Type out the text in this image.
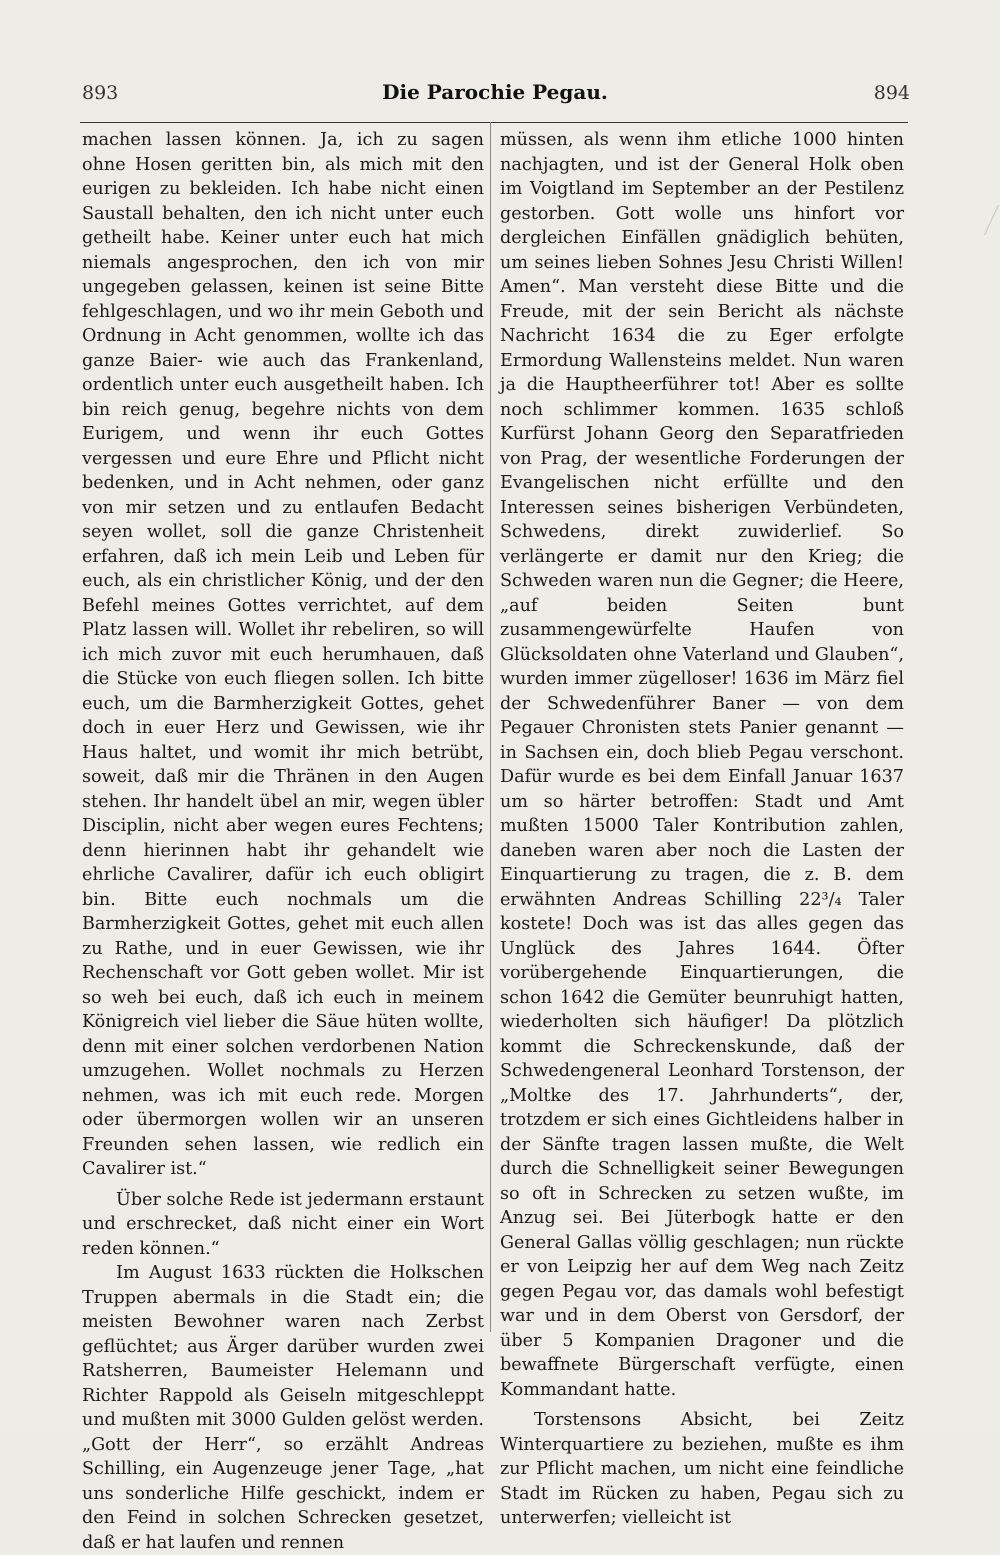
893	Die Parochie Pegau.	894

machen lassen können. Ja, ich zu sagen ohne Hosen geritten bin, als mich mit den eurigen zu bekleiden. Ich habe nicht einen Saustall behalten, den ich nicht unter euch getheilt habe. Keiner unter euch hat mich niemals angesprochen, den ich von mir ungegeben gelassen, keinen ist seine Bitte fehlgeschlagen, und wo ihr mein Geboth und Ordnung in Acht genommen, wollte ich das ganze Baier- wie auch das Frankenland, ordentlich unter euch ausgetheilt haben. Ich bin reich genug, begehre nichts von dem Eurigem, und wenn ihr euch Gottes vergessen und eure Ehre und Pflicht nicht bedenken, und in Acht nehmen, oder ganz von mir setzen und zu entlaufen Bedacht seyen wollet, soll die ganze Christenheit erfahren, daß ich mein Leib und Leben für euch, als ein christlicher König, und der den Befehl meines Gottes verrichtet, auf dem Platz lassen will. Wollet ihr rebeliren, so will ich mich zuvor mit euch herumhauen, daß die Stücke von euch fliegen sollen. Ich bitte euch, um die Barmherzigkeit Gottes, gehet doch in euer Herz und Gewissen, wie ihr Haus haltet, und womit ihr mich betrübt, soweit, daß mir die Thränen in den Augen stehen. Ihr handelt übel an mir, wegen übler Disciplin, nicht aber wegen eures Fechtens; denn hierinnen habt ihr gehandelt wie ehrliche Cavalirer, dafür ich euch obligirt bin. Bitte euch nochmals um die Barmherzigkeit Gottes, gehet mit euch allen zu Rathe, und in euer Gewissen, wie ihr Rechenschaft vor Gott geben wollet. Mir ist so weh bei euch, daß ich euch in meinem Königreich viel lieber die Säue hüten wollte, denn mit einer solchen verdorbenen Nation umzugehen. Wollet nochmals zu Herzen nehmen, was ich mit euch rede. Morgen oder übermorgen wollen wir an unseren Freunden sehen lassen, wie redlich ein Cavalirer ist.“

Über solche Rede ist jedermann erstaunt und erschrecket, daß nicht einer ein Wort reden können.“

Im August 1633 rückten die Holkschen Truppen abermals in die Stadt ein; die meisten Bewohner waren nach Zerbst geflüchtet; aus Ärger darüber wurden zwei Ratsherren, Baumeister Helemann und Richter Rappold als Geiseln mitgeschleppt und mußten mit 3000 Gulden gelöst werden. „Gott der Herr“, so erzählt Andreas Schilling, ein Augenzeuge jener Tage, „hat uns sonderliche Hilfe geschickt, indem er den Feind in solchen Schrecken gesetzet, daß er hat laufen und rennen

müssen, als wenn ihm etliche 1000 hinten nachjagten, und ist der General Holk oben im Voigtland im September an der Pestilenz gestorben. Gott wolle uns hinfort vor dergleichen Einfällen gnädiglich behüten, um seines lieben Sohnes Jesu Christi Willen! Amen“. Man versteht diese Bitte und die Freude, mit der sein Bericht als nächste Nachricht 1634 die zu Eger erfolgte Ermordung Wallensteins meldet. Nun waren ja die Hauptheerführer tot! Aber es sollte noch schlimmer kommen. 1635 schloß Kurfürst Johann Georg den Separatfrieden von Prag, der wesentliche Forderungen der Evangelischen nicht erfüllte und den Interessen seines bisherigen Verbündeten, Schwedens, direkt zuwiderlief. So verlängerte er damit nur den Krieg; die Schweden waren nun die Gegner; die Heere, „auf beiden Seiten bunt zusammengewürfelte Haufen von Glücksoldaten ohne Vaterland und Glauben“, wurden immer zügelloser! 1636 im März fiel der Schwedenführer Baner — von dem Pegauer Chronisten stets Panier genannt — in Sachsen ein, doch blieb Pegau verschont. Dafür wurde es bei dem Einfall Januar 1637 um so härter betroffen: Stadt und Amt mußten 15000 Taler Kontribution zahlen, daneben waren aber noch die Lasten der Einquartierung zu tragen, die z. B. dem erwähnten Andreas Schilling 22³/₄ Taler kostete! Doch was ist das alles gegen das Unglück des Jahres 1644. Öfter vorübergehende Einquartierungen, die schon 1642 die Gemüter beunruhigt hatten, wiederholten sich häufiger! Da plötzlich kommt die Schreckenskunde, daß der Schwedengeneral Leonhard Torstenson, der „Moltke des 17. Jahrhunderts“, der, trotzdem er sich eines Gichtleidens halber in der Sänfte tragen lassen mußte, die Welt durch die Schnelligkeit seiner Bewegungen so oft in Schrecken zu setzen wußte, im Anzug sei. Bei Jüterbogk hatte er den General Gallas völlig geschlagen; nun rückte er von Leipzig her auf dem Weg nach Zeitz gegen Pegau vor, das damals wohl befestigt war und in dem Oberst von Gersdorf, der über 5 Kompanien Dragoner und die bewaffnete Bürgerschaft verfügte, einen Kommandant hatte.

Torstensons Absicht, bei Zeitz Winterquartiere zu beziehen, mußte es ihm zur Pflicht machen, um nicht eine feindliche Stadt im Rücken zu haben, Pegau sich zu unterwerfen; vielleicht ist
